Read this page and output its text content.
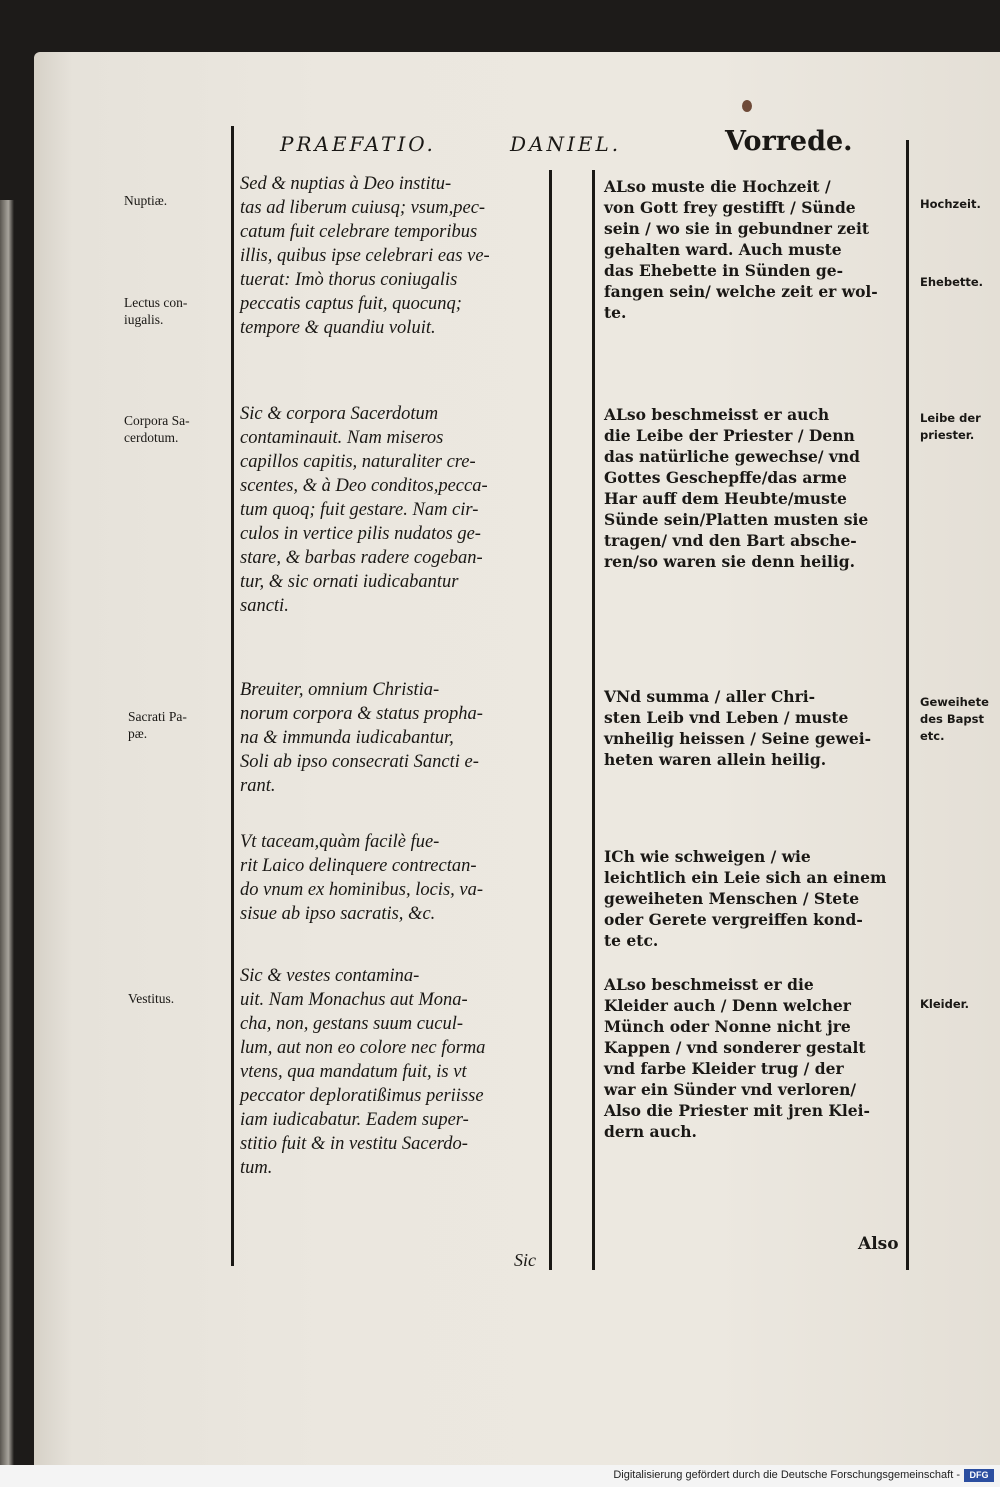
PRAEFATIO.	DANIEL.	Vorrede.
Nuptiæ.
Lectus con-
iugalis.
Corpora Sa-
cerdotum.
Sacrati Pa-
pæ.
Vestitus.
Hochzeit.
Ehebette.
Leibe der
priester.
Geweihete
des Bapst
etc.
Kleider.
Sed & nuptias à Deo institu-
tas ad liberum cuiusq; vsum,pec-
catum fuit celebrare temporibus
illis, quibus ipse celebrari eas ve-
tuerat: Imò thorus coniugalis
peccatis captus fuit, quocunq;
tempore & quandiu voluit.
Sic & corpora Sacerdotum
contaminauit. Nam miseros
capillos capitis, naturaliter cre-
scentes, & à Deo conditos,pecca-
tum quoq; fuit gestare. Nam cir-
culos in vertice pilis nudatos ge-
stare, & barbas radere cogeban-
tur, & sic ornati iudicabantur
sancti.
Breuiter, omnium Christia-
norum corpora & status propha-
na & immunda iudicabantur,
Soli ab ipso consecrati Sancti e-
rant.
Vt taceam,quàm facilè fue-
rit Laico delinquere contrectan-
do vnum ex hominibus, locis, va-
sisue ab ipso sacratis, &c.
Sic & vestes contamina-
uit. Nam Monachus aut Mona-
cha, non, gestans suum cucul-
lum, aut non eo colore nec forma
vtens, qua mandatum fuit, is vt
peccator deploratißimus periisse
iam iudicabatur. Eadem super-
stitio fuit & in vestitu Sacerdo-
tum.
Sic
ALso muste die Hochzeit /
von Gott frey gestifft / Sünde
sein / wo sie in gebundner zeit
gehalten ward. Auch muste
das Ehebette in Sünden ge-
fangen sein/ welche zeit er wol-
te.
ALso beschmeisst er auch
die Leibe der Priester / Denn
das natürliche gewechse/ vnd
Gottes Geschepffe/das arme
Har auff dem Heubte/muste
Sünde sein/Platten musten sie
tragen/ vnd den Bart absche-
ren/so waren sie denn heilig.
VNd summa / aller Chri-
sten Leib vnd Leben / muste
vnheilig heissen / Seine gewei-
heten waren allein heilig.
ICh wie schweigen / wie
leichtlich ein Leie sich an einem
geweiheten Menschen / Stete
oder Gerete vergreiffen kond-
te etc.
ALso beschmeisst er die
Kleider auch / Denn welcher
Münch oder Nonne nicht jre
Kappen / vnd sonderer gestalt
vnd farbe Kleider trug / der
war ein Sünder vnd verloren/
Also die Priester mit jren Klei-
dern auch.
Also
Digitalisierung gefördert durch die Deutsche Forschungsgemeinschaft -	DFG
